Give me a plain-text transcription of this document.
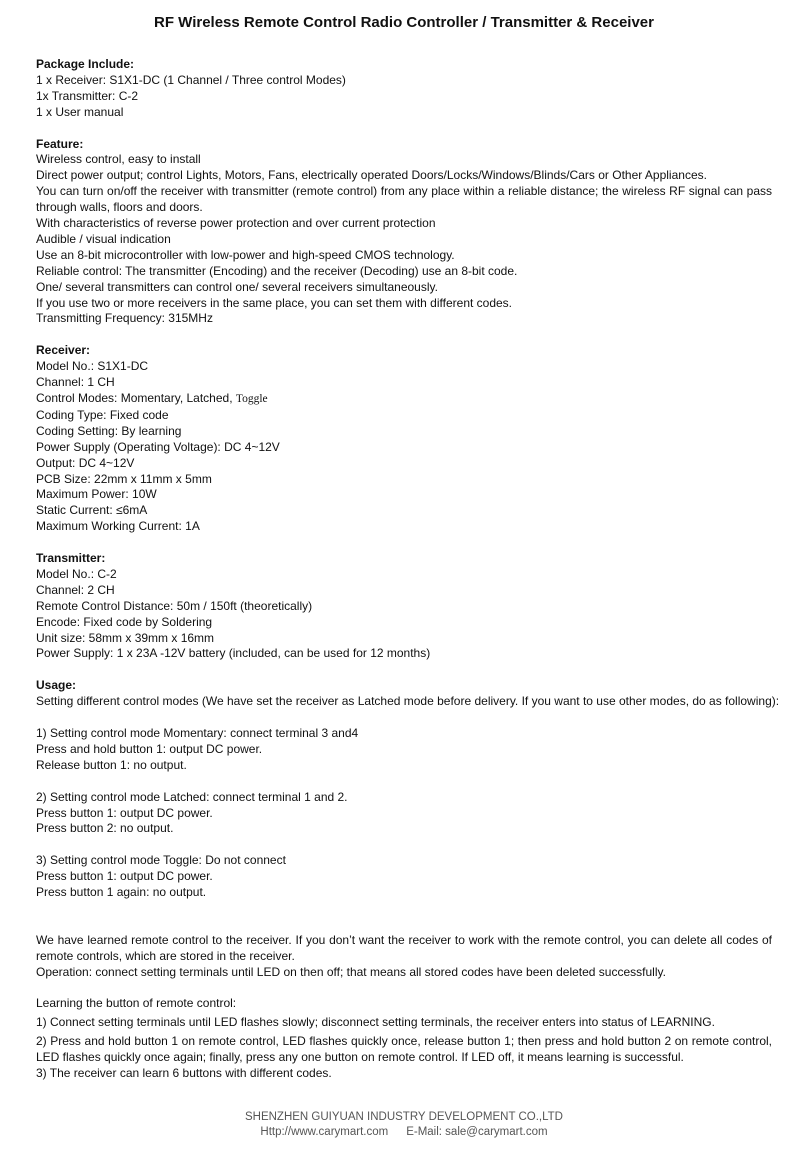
RF Wireless Remote Control Radio Controller / Transmitter & Receiver

Package Include:

1 x Receiver: S1X1-DC (1 Channel / Three control Modes)

1x Transmitter: C-2

1 x User manual

Feature:

Wireless control, easy to install

Direct power output; control Lights, Motors, Fans, electrically operated Doors/Locks/Windows/Blinds/Cars or Other Appliances.

You can turn on/off the receiver with transmitter (remote control) from any place within a reliable distance; the wireless RF signal can pass through walls, floors and doors.

With characteristics of reverse power protection and over current protection

Audible / visual indication

Use an 8-bit microcontroller with low-power and high-speed CMOS technology.

Reliable control: The transmitter (Encoding) and the receiver (Decoding) use an 8-bit code.

One/ several transmitters can control one/ several receivers simultaneously.

If you use two or more receivers in the same place, you can set them with different codes.

Transmitting Frequency: 315MHz

Receiver:

Model No.: S1X1-DC

Channel: 1 CH

Control Modes: Momentary, Latched, Toggle

Coding Type: Fixed code

Coding Setting: By learning

Power Supply (Operating Voltage): DC 4~12V

Output: DC 4~12V

PCB Size: 22mm x 11mm x 5mm

Maximum Power: 10W

Static Current: ≤6mA

Maximum Working Current: 1A

Transmitter:

Model No.: C-2

Channel: 2 CH

Remote Control Distance: 50m / 150ft (theoretically)

Encode: Fixed code by Soldering

Unit size: 58mm x 39mm x 16mm

Power Supply: 1 x 23A -12V battery (included, can be used for 12 months)

Usage:

Setting different control modes (We have set the receiver as Latched mode before delivery. If you want to use other modes, do as following):

1) Setting control mode Momentary: connect terminal 3 and4

Press and hold button 1: output DC power.

Release button 1: no output.

2) Setting control mode Latched: connect terminal 1 and 2.

Press button 1: output DC power.

Press button 2: no output.

3) Setting control mode Toggle: Do not connect

Press button 1: output DC power.

Press button 1 again: no output.

We have learned remote control to the receiver. If you don’t want the receiver to work with the remote control, you can delete all codes of remote controls, which are stored in the receiver.

Operation: connect setting terminals until LED on then off; that means all stored codes have been deleted successfully.

Learning the button of remote control:

1) Connect setting terminals until LED flashes slowly; disconnect setting terminals, the receiver enters into status of LEARNING.

2) Press and hold button 1 on remote control, LED flashes quickly once, release button 1; then press and hold button 2 on remote control, LED flashes quickly once again; finally, press any one button on remote control. If LED off, it means learning is successful.

3) The receiver can learn 6 buttons with different codes.

SHENZHEN GUIYUAN INDUSTRY DEVELOPMENT CO.,LTD
Http://www.carymart.com E-Mail: sale@carymart.com
